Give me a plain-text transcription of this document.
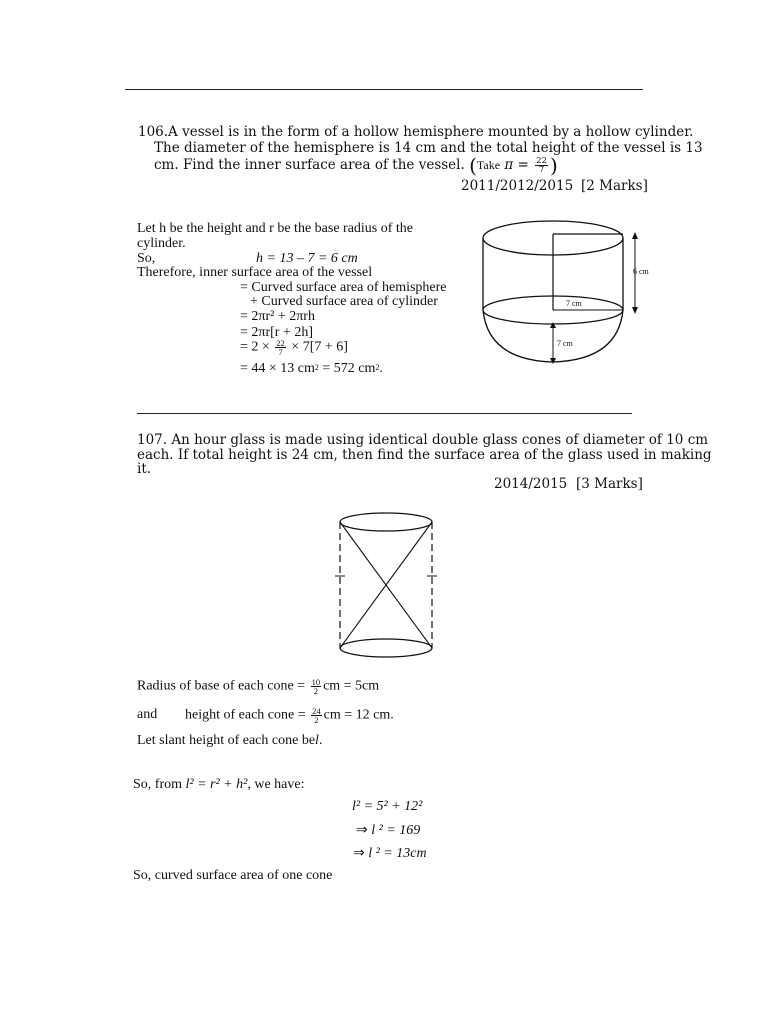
106.A vessel is in the form of a hollow hemisphere mounted by a hollow cylinder.
The diameter of the hemisphere is 14 cm and the total height of the vessel is 13
cm. Find the inner surface area of the vessel. (Take $\pi = \frac{22}{7}$ )
2011/2012/2015 [2 Marks]
Let h be the height and r be the base radius of the
cylinder.
So,	h = 13 – 7 = 6 cm
Therefore, inner surface area of the vessel
= Curved surface area of hemisphere
+ Curved surface area of cylinder
= 2πr² + 2πrh
= 2πr[r + 2h]
= $2 \times \frac{22}{7} \times 7[7 + 6]$
= 44 × 13 $cm^2 = 572$ $cm^2$.
6 cm
7 cm
7 cm
107. An hour glass is made using identical double glass cones of diameter of 10 cm
each. If total height is 24 cm, then find the surface area of the glass used in making
it.
2014/2015 [3 Marks]
Radius of base of each cone = $\frac{10}{2}$ cm = 5cm
and height of each cone = $\frac{24}{2}$ cm = 12 cm.
Let slant height of each cone bel.
So, from l² = r² + h², we have:
l² = 5² + 12²
⇒ l ² = 169
⇒ l ² = 13cm
So, curved surface area of one cone
